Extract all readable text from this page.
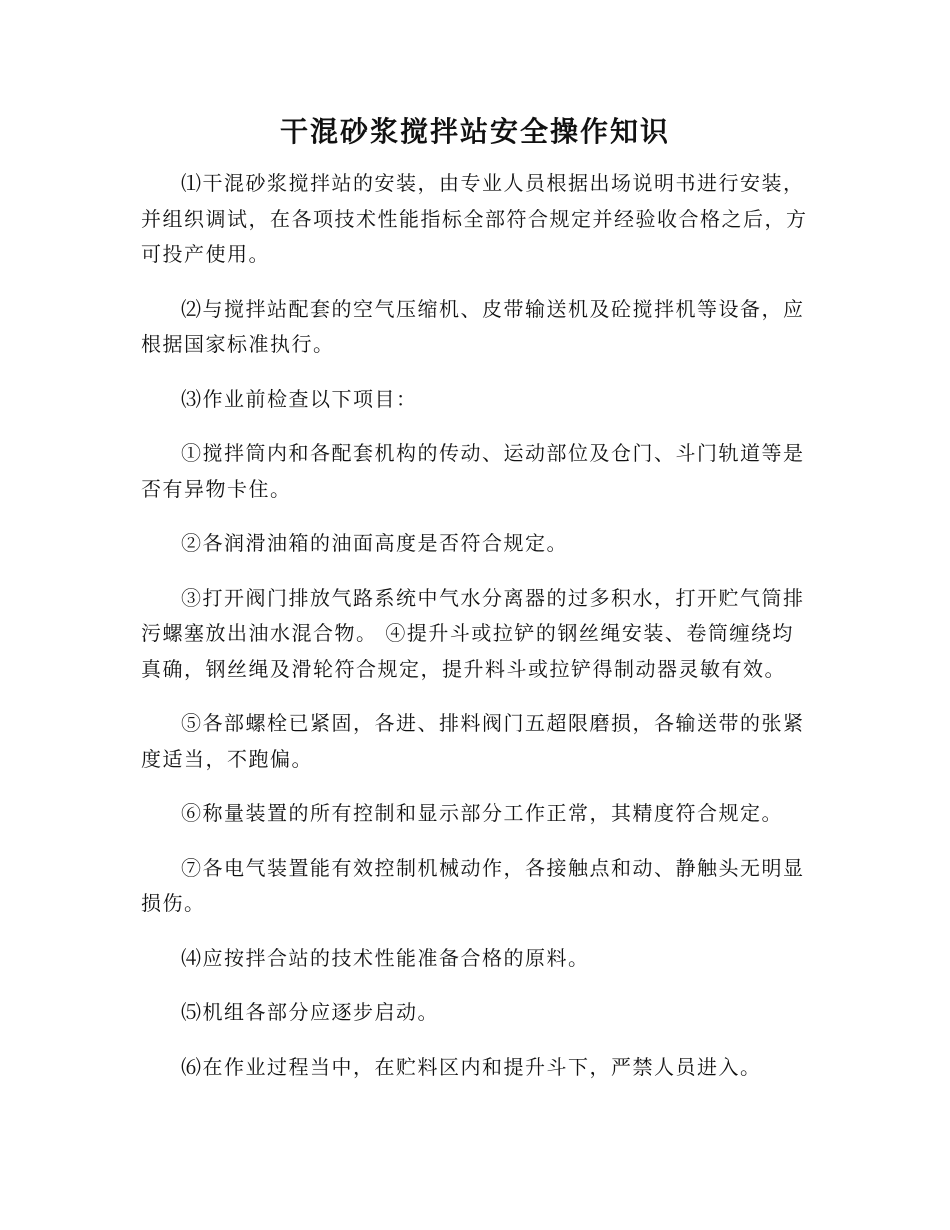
干混砂浆搅拌站安全操作知识

⑴干混砂浆搅拌站的安装，由专业人员根据出场说明书进行安装，并组织调试，在各项技术性能指标全部符合规定并经验收合格之后，方可投产使用。

⑵与搅拌站配套的空气压缩机、皮带输送机及砼搅拌机等设备，应根据国家标准执行。

⑶作业前检查以下项目：

①搅拌筒内和各配套机构的传动、运动部位及仓门、斗门轨道等是否有异物卡住。

②各润滑油箱的油面高度是否符合规定。

③打开阀门排放气路系统中气水分离器的过多积水，打开贮气筒排污螺塞放出油水混合物。 ④提升斗或拉铲的钢丝绳安装、卷筒缠绕均真确，钢丝绳及滑轮符合规定，提升料斗或拉铲得制动器灵敏有效。

⑤各部螺栓已紧固，各进、排料阀门五超限磨损，各输送带的张紧度适当，不跑偏。

⑥称量装置的所有控制和显示部分工作正常，其精度符合规定。

⑦各电气装置能有效控制机械动作，各接触点和动、静触头无明显损伤。

⑷应按拌合站的技术性能准备合格的原料。

⑸机组各部分应逐步启动。

⑹在作业过程当中，在贮料区内和提升斗下，严禁人员进入。
